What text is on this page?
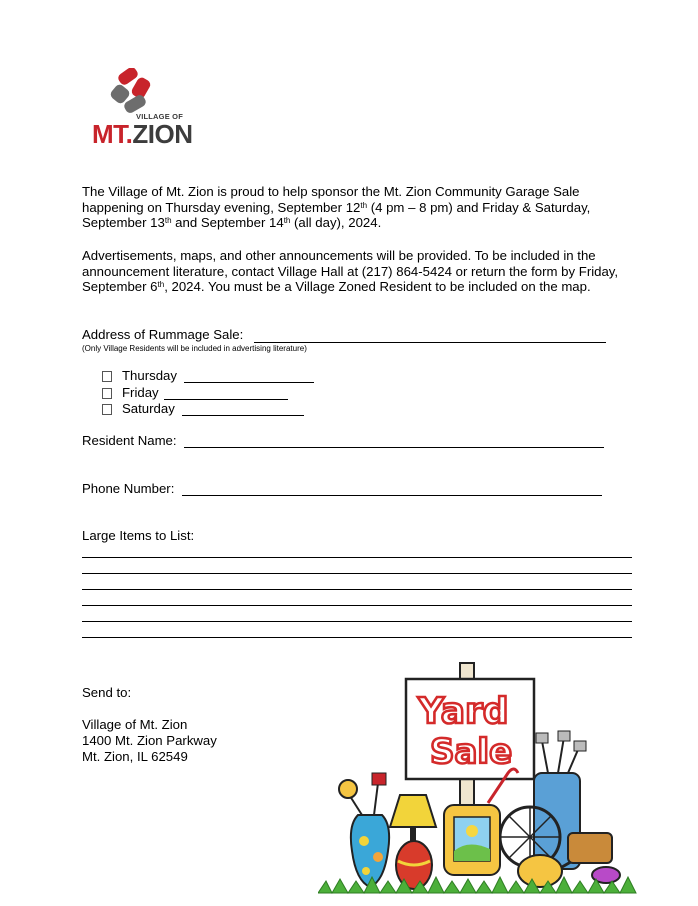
VILLAGE OF
MT.ZION
The Village of Mt. Zion is proud to help sponsor the Mt. Zion Community Garage Sale happening on Thursday evening, September 12th (4 pm – 8 pm) and Friday & Saturday, September 13th and September 14th (all day), 2024.
Advertisements, maps, and other announcements will be provided. To be included in the announcement literature, contact Village Hall at (217) 864-5424 or return the form by Friday, September 6th, 2024. You must be a Village Zoned Resident to be included on the map.
Address of Rummage Sale:
(Only Village Residents will be included in advertising literature)
Thursday
Friday
Saturday
Resident Name:
Phone Number:
Large Items to List:
Send to:
Village of Mt. Zion
1400 Mt. Zion Parkway
Mt. Zion, IL 62549
Yard
Sale
